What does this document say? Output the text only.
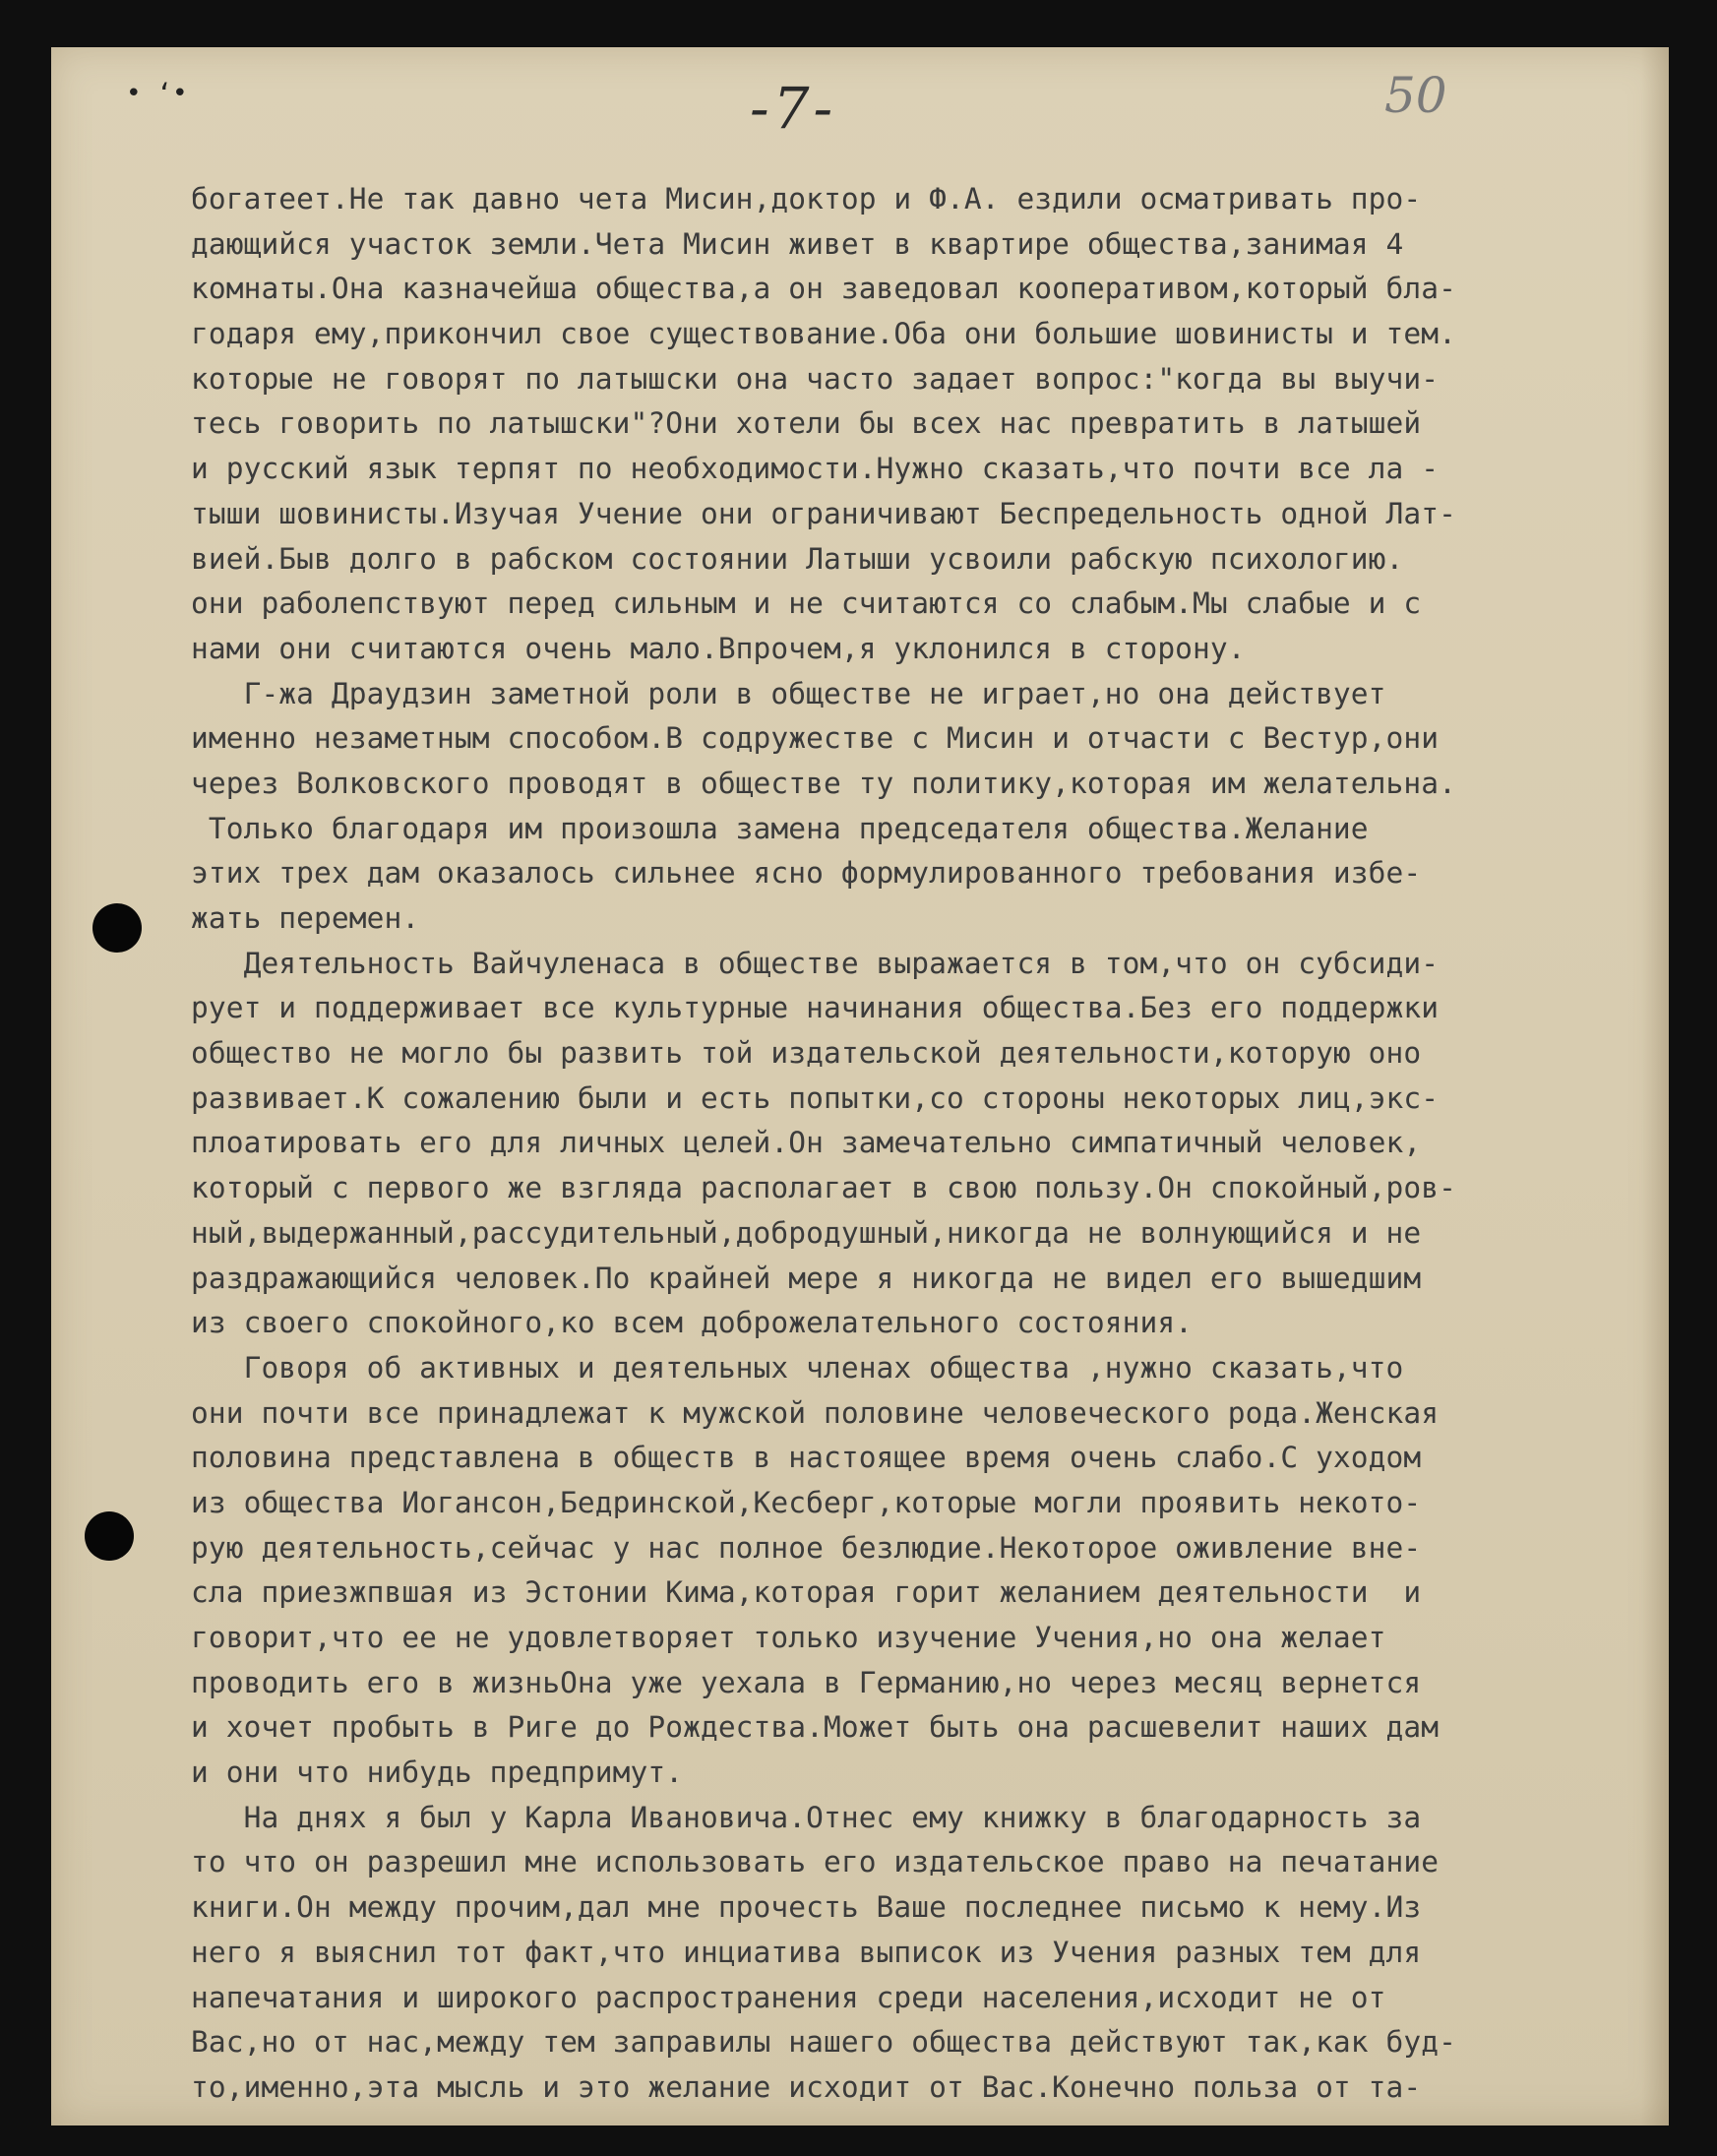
• ‘•	-7-	50
богатеет.Не так давно чета Мисин,доктор и Ф.А. ездили осматривать про-
дающийся участок земли.Чета Мисин живет в квартире общества,занимая 4
комнаты.Она казначейша общества,а он заведовал кооперативом,который бла-
годаря ему,прикончил свое существование.Оба они большие шовинисты и тем.
которые не говорят по латышски она часто задает вопрос:"когда вы выучи-
тесь говорить по латышски"?Они хотели бы всех нас превратить в латышей
и русский язык терпят по необходимости.Нужно сказать,что почти все ла -
тыши шовинисты.Изучая Учение они ограничивают Беспредельность одной Лат-
вией.Быв долго в рабском состоянии Латыши усвоили рабскую психологию.
они раболепствуют перед сильным и не считаются со слабым.Мы слабые и с
нами они считаются очень мало.Впрочем,я уклонился в сторону.
Г-жа Драудзин заметной роли в обществе не играет,но она действует
именно незаметным способом.В содружестве с Мисин и отчасти с Вестур,они
через Волковского проводят в обществе ту политику,которая им желательна.
Только благодаря им произошла замена председателя общества.Желание
этих трех дам оказалось сильнее ясно формулированного требования избе-
жать перемен.
Деятельность Вайчуленаса в обществе выражается в том,что он субсиди-
рует и поддерживает все культурные начинания общества.Без его поддержки
общество не могло бы развить той издательской деятельности,которую оно
развивает.К сожалению были и есть попытки,со стороны некоторых лиц,экс-
плоатировать его для личных целей.Он замечательно симпатичный человек,
который с первого же взгляда располагает в свою пользу.Он спокойный,ров-
ный,выдержанный,рассудительный,добродушный,никогда не волнующийся и не
раздражающийся человек.По крайней мере я никогда не видел его вышедшим
из своего спокойного,ко всем доброжелательного состояния.
Говоря об активных и деятельных членах общества ,нужно сказать,что
они почти все принадлежат к мужской половине человеческого рода.Женская
половина представлена в обществ в настоящее время очень слабо.С уходом
из общества Иогансон,Бедринской,Кесберг,которые могли проявить некото-
рую деятельность,сейчас у нас полное безлюдие.Некоторое оживление вне-
сла приезжпвшая из Эстонии Кима,которая горит желанием деятельности  и
говорит,что ее не удовлетворяет только изучение Учения,но она желает
проводить его в жизньОна уже уехала в Германию,но через месяц вернется
и хочет пробыть в Риге до Рождества.Может быть она расшевелит наших дам
и они что нибудь предпримут.
На днях я был у Карла Ивановича.Отнес ему книжку в благодарность за
то что он разрешил мне использовать его издательское право на печатание
книги.Он между прочим,дал мне прочесть Ваше последнее письмо к нему.Из
него я выяснил тот факт,что инциатива выписок из Учения разных тем для
напечатания и широкого распространения среди населения,исходит не от
Вас,но от нас,между тем заправилы нашего общества действуют так,как буд-
то,именно,эта мысль и это желание исходит от Вас.Конечно польза от та-
